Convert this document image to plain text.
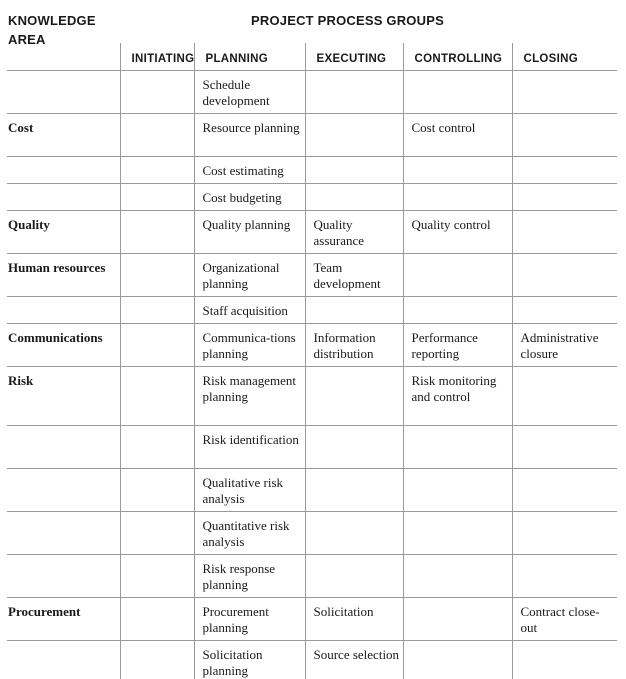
KNOWLEDGE AREA
PROJECT PROCESS GROUPS
	INITIATING	PLANNING	EXECUTING	CONTROLLING	CLOSING
		Schedule development			
Cost		Resource planning		Cost control	
		Cost estimating			
		Cost budgeting			
Quality		Quality planning	Quality assurance	Quality control	
Human resources		Organizational planning	Team development		
		Staff acquisition			
Communications		Communica-tions planning	Information distribution	Performance reporting	Administrative closure
Risk		Risk management planning		Risk monitoring and control	
		Risk identification			
		Qualitative risk analysis			
		Quantitative risk analysis			
		Risk response planning			
Procurement		Procurement planning	Solicitation		Contract close-out
		Solicitation planning	Source selection		
